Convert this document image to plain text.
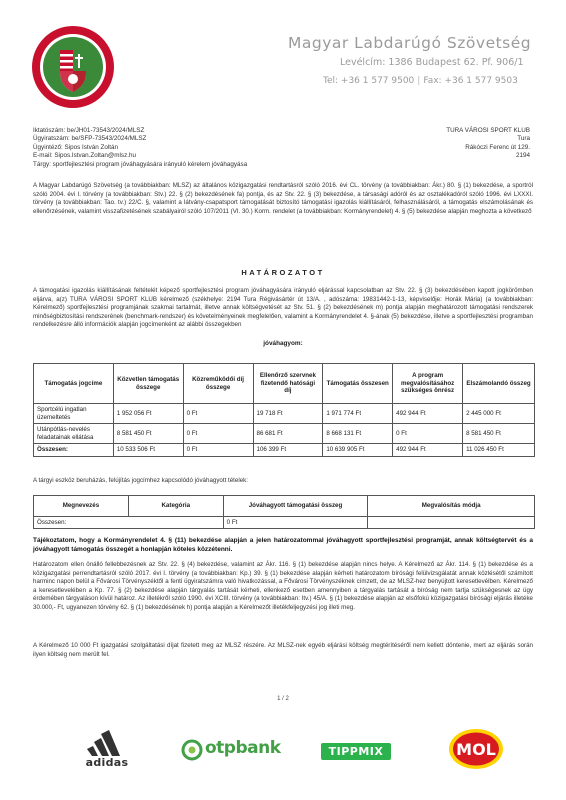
Magyar Labdarúgó Szövetség
Levélcím: 1386 Budapest 62. Pf. 906/1
Tel: +36 1 577 9500 | Fax: +36 1 577 9503
Iktatószám: be/JH01-73543/2024/MLSZ
Ügyiratszám: be/SFP-73543/2024/MLSZ
Ügyintéző: Sipos István Zoltán
E-mail: Sipos.Istvan.Zoltan@mlsz.hu
Tárgy: sportfejlesztési program jóváhagyására irányuló kérelem jóváhagyása
TURA VÁROSI SPORT KLUB
Tura
Rákóczi Ferenc út 129.
2194
A Magyar Labdarúgó Szövetség (a továbbiakban: MLSZ) az általános közigazgatási rendtartásról szóló 2016. évi CL. törvény (a továbbiakban: Ákr.) 80. § (1) bekezdése, a sportról szóló 2004. évi I. törvény (a továbbiakban: Stv.) 22. § (2) bekezdésének fa) pontja, és az Stv. 22. § (3) bekezdése, a társasági adóról és az osztalékadóról szóló 1996. évi LXXXI. törvény (a továbbiakban: Tao. tv.) 22/C. §, valamint a látvány-csapatsport támogatását biztosító támogatási igazolás kiállításáról, felhasználásáról, a támogatás elszámolásának és ellenőrzésének, valamint visszafizetésének szabályairól szóló 107/2011 (VI. 30.) Korm. rendelet (a továbbiakban: Kormányrendelet) 4. § (5) bekezdése alapján meghozta a következő
HATÁROZATOT
A támogatási igazolás kiállításának feltételét képező sportfejlesztési program jóváhagyására irányuló eljárással kapcsolatban az Stv. 22. § (3) bekezdésében kapott jogkörömben eljárva, a(z) TURA VÁROSI SPORT KLUB kérelmező (székhelye: 2194 Tura Régivásártér út 13/A. , adószáma: 19831442-1-13, képviselője: Horák Mária) (a továbbiakban: Kérelmező) sportfejlesztési programjának szakmai tartalmát, illetve annak költségvetését az Stv. 51. § (2) bekezdésének m) pontja alapján meghatározott támogatási rendszerek minőségbiztosítási rendszerének (benchmark-rendszer) és követelményeinek megfelelően, valamint a Kormányrendelet 4. §-ának (5) bekezdése, illetve a sportfejlesztési programban rendelkezésre álló információk alapján jogcímenként az alábbi összegekben
jóváhagyom:
Támogatás jogcíme	Közvetlen támogatás összege	Közreműködői díj összege	Ellenőrző szervnek fizetendő hatósági díj	Támogatás összesen	A program megvalósításához szükséges önrész	Elszámolandó összeg
Sportcélú ingatlan üzemeltetés	1 952 056 Ft	0 Ft	19 718 Ft	1 971 774 Ft	492 944 Ft	2 445 000 Ft
Utánpótlás-nevelés feladatainak ellátása	8 581 450 Ft	0 Ft	86 681 Ft	8 668 131 Ft	0 Ft	8 581 450 Ft
Összesen:	10 533 506 Ft	0 Ft	106 399 Ft	10 639 905 Ft	492 944 Ft	11 026 450 Ft
A tárgyi eszköz beruházás, felújítás jogcímhez kapcsolódó jóváhagyott tételek:
Megnevezés	Kategória	Jóváhagyott támogatási összeg	Megvalósítás módja
Összesen:		0 Ft	
Tájékoztatom, hogy a Kormányrendelet 4. § (11) bekezdése alapján a jelen határozatommal jóváhagyott sportfejlesztési programját, annak költségtervét és a jóváhagyott támogatás összegét a honlapján köteles közzétenni.
Határozatom ellen önálló fellebbezésnek az Stv. 22. § (4) bekezdése, valamint az Ákr. 116. § (1) bekezdése alapján nincs helye. A Kérelmező az Ákr. 114. § (1) bekezdése és a közigazgatási perrendtartásról szóló 2017. évi I. törvény (a továbbiakban: Kp.) 39. § (1) bekezdése alapján kérheti határozatom bírósági felülvizsgálatát annak közlésétől számított harminc napon belül a Fővárosi Törvényszéktől a fenti ügyiratszámra való hivatkozással, a Fővárosi Törvényszéknek címzett, de az MLSZ-hez benyújtott keresetlevélben. Kérelmező a keresetlevelében a Kp. 77. § (2) bekezdése alapján tárgyalás tartását kérheti, ellenkező esetben amennyiben a tárgyalás tartását a bíróság nem tartja szükségesnek az ügy érdemében tárgyaláson kívül határoz. Az illetékről szóló 1990. évi XCIII. törvény (a továbbiakban: Itv.) 45/A. § (1) bekezdése alapján az elsőfokú közigazgatási bírósági eljárás illetéke 30.000,- Ft, ugyanezen törvény 62. § (1) bekezdésének h) pontja alapján a Kérelmezőt illetékfeljegyzési jog illeti meg.
A Kérelmező 10 000 Ft igazgatási szolgáltatási díjat fizetett meg az MLSZ részére. Az MLSZ-nek egyéb eljárási költség megtérítéséről nem kellett döntenie, mert az eljárás során ilyen költség nem merült fel.
1 / 2
adidas
otpbank	TIPPMIX	MOL
